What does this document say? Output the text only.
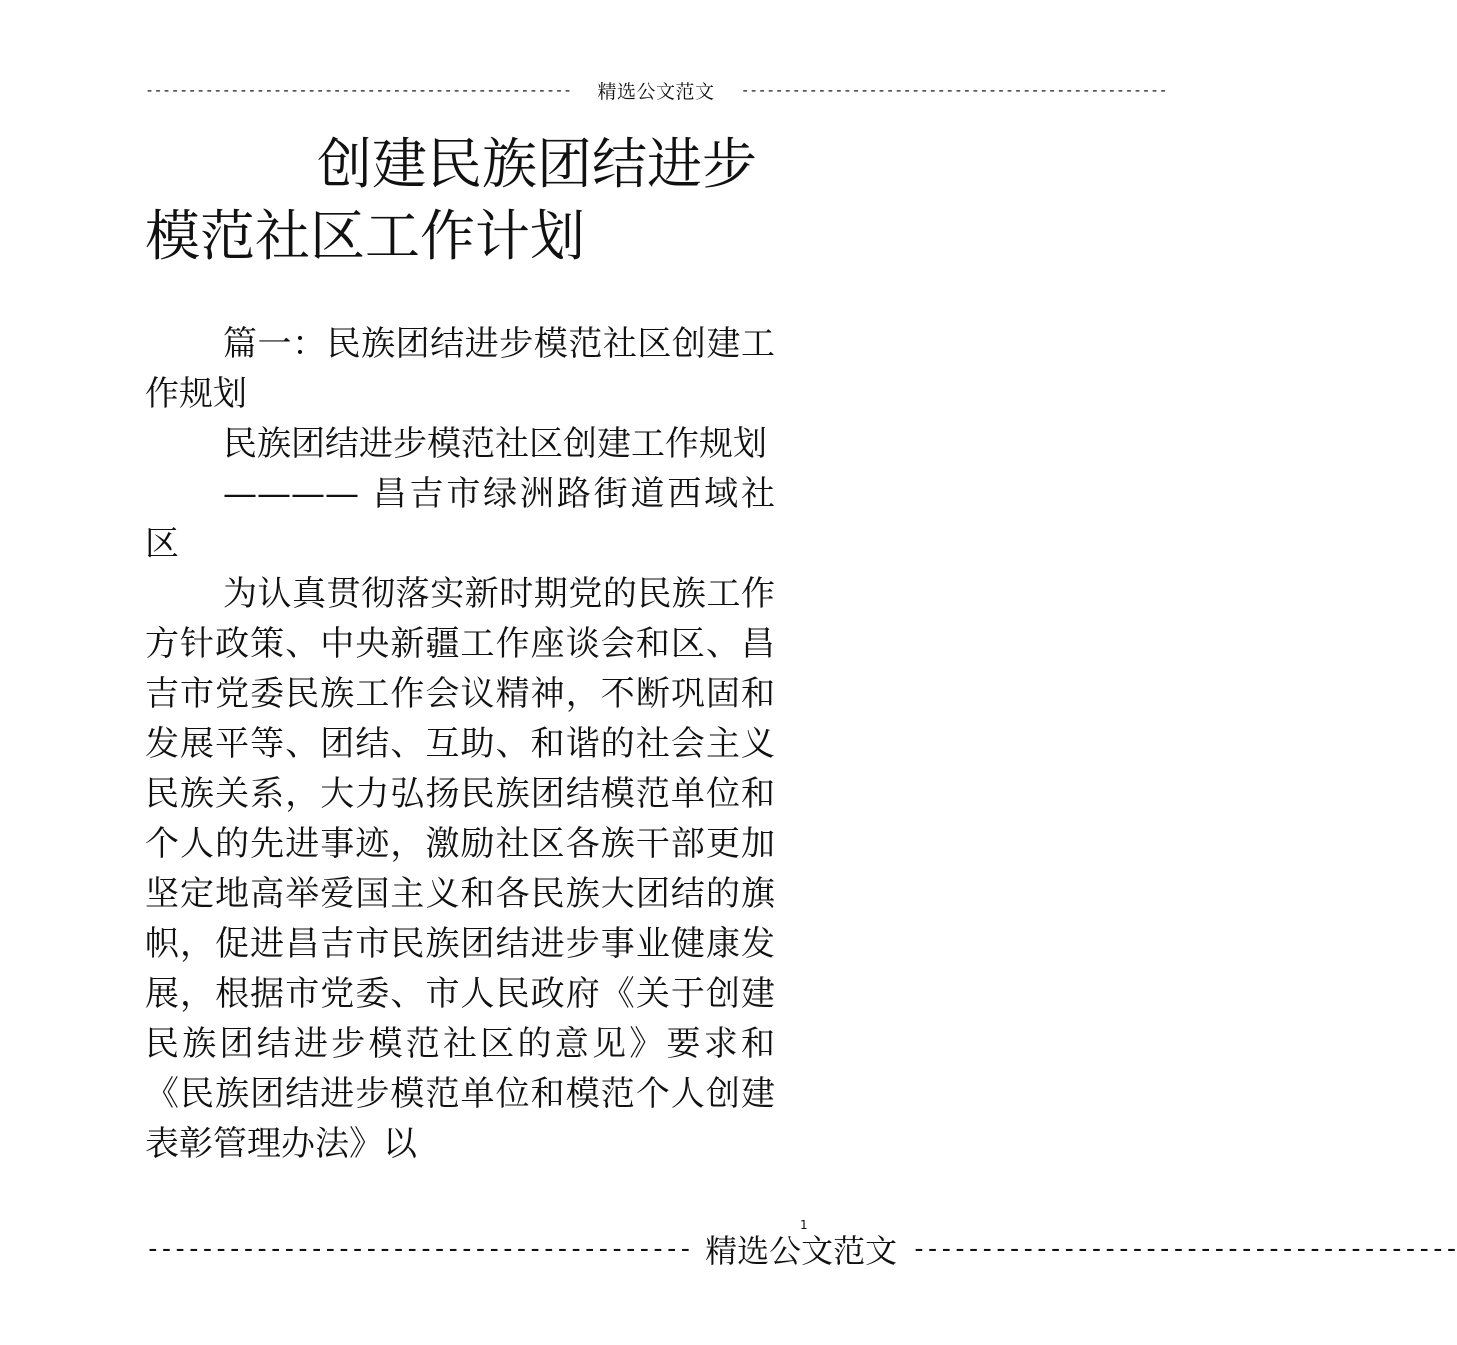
--------------------------------------------------	精选公文范文	--------------------------------------------------
创建民族团结进步
模范社区工作计划

篇一：民族团结进步模范社区创建工作规划

民族团结进步模范社区创建工作规划

———— 昌吉市绿洲路街道西域社区

为认真贯彻落实新时期党的民族工作方针政策、中央新疆工作座谈会和区、昌吉市党委民族工作会议精神，不断巩固和发展平等、团结、互助、和谐的社会主义民族关系，大力弘扬民族团结模范单位和个人的先进事迹，激励社区各族干部更加坚定地高举爱国主义和各民族大团结的旗帜，促进昌吉市民族团结进步事业健康发展，根据市党委、市人民政府《关于创建民族团结进步模范社区的意见》要求和《民族团结进步模范单位和模范个人创建表彰管理办法》以

1
---------------------------------------- 精选公文范文 ----------------------------------------
